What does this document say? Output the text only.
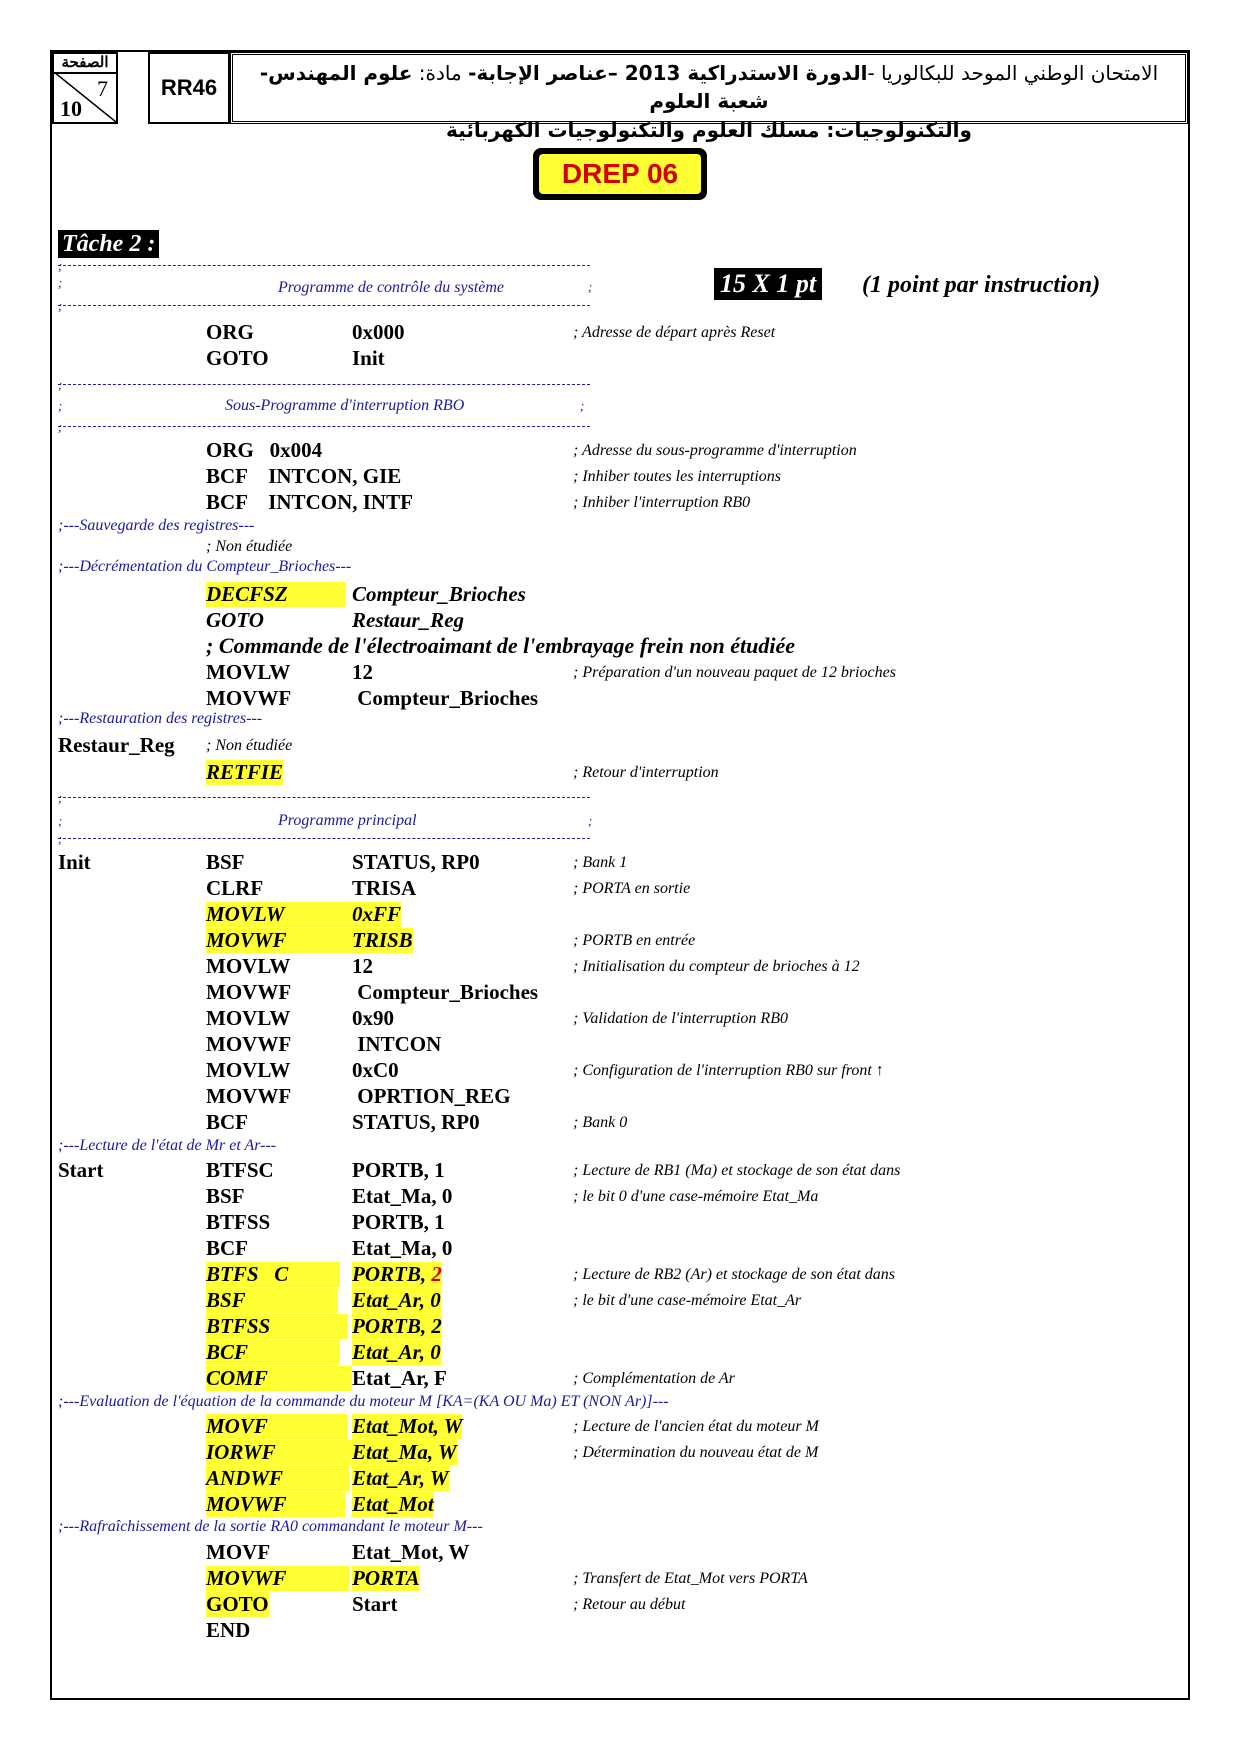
الصفحة
7
10
RR46
الامتحان الوطني الموحد للبكالوريا -الدورة الاستدراكية 2013 –عناصر الإجابة- مادة: علوم المهندس- شعبة العلوم
والتكنولوجيات: مسلك العلوم والتكنولوجيات الكهربائية
DREP 06
Tâche 2 :
15 X 1 pt (1 point par instruction)
;
;	Programme de contrôle du système	;
;
;
;	Sous-Programme d'interruption RBO	;
;
;
;	Programme principal	;
;
;---Sauvegarde des registres---
; Non étudiée
;---Décrémentation du Compteur_Brioches---
; Commande de l'électroaimant de l'embrayage frein non étudiée
;---Restauration des registres---
; Non étudiée
;---Lecture de l'état de Mr et Ar---
;---Evaluation de l'équation de la commande du moteur M [KA=(KA OU Ma) ET (NON Ar)]---
;---Rafraîchissement de la sortie RA0 commandant le moteur M---
ORG	0x000	; Adresse de départ après Reset
GOTO	Init
ORG   0x004	; Adresse du sous-programme d'interruption
BCF    INTCON, GIE	; Inhiber toutes les interruptions
BCF    INTCON, INTF	; Inhiber l'interruption RB0
DECFSZ	Compteur_Brioches
GOTO	Restaur_Reg
MOVLW	12	; Préparation d'un nouveau paquet de 12 brioches
MOVWF	Compteur_Brioches
Restaur_Reg
RETFIE	; Retour d'interruption
Init	BSF	STATUS, RP0	; Bank 1
CLRF	TRISA	; PORTA en sortie
MOVLW	0xFF
MOVWF	TRISB	; PORTB en entrée
MOVLW	12	; Initialisation du compteur de brioches à 12
MOVWF	Compteur_Brioches
MOVLW	0x90	; Validation de l'interruption RB0
MOVWF	INTCON
MOVLW	0xC0	; Configuration de l'interruption RB0 sur front ↑
MOVWF	OPRTION_REG
BCF	STATUS, RP0	; Bank 0
Start	BTFSC	PORTB, 1	; Lecture de RB1 (Ma) et stockage de son état dans
BSF	Etat_Ma, 0	; le bit 0 d'une case-mémoire Etat_Ma
BTFSS	PORTB, 1
BCF	Etat_Ma, 0
BTFS   C	PORTB, 2	; Lecture de RB2 (Ar) et stockage de son état dans
BSF	Etat_Ar, 0	; le bit d'une case-mémoire Etat_Ar
BTFSS	PORTB, 2
BCF	Etat_Ar, 0
COMF	Etat_Ar, F	; Complémentation de Ar
MOVF	Etat_Mot, W	; Lecture de l'ancien état du moteur M
IORWF	Etat_Ma, W	; Détermination du nouveau état de M
ANDWF	Etat_Ar, W
MOVWF	Etat_Mot
MOVF	Etat_Mot, W
MOVWF	PORTA	; Transfert de Etat_Mot vers PORTA
GOTO	Start	; Retour au début
END
